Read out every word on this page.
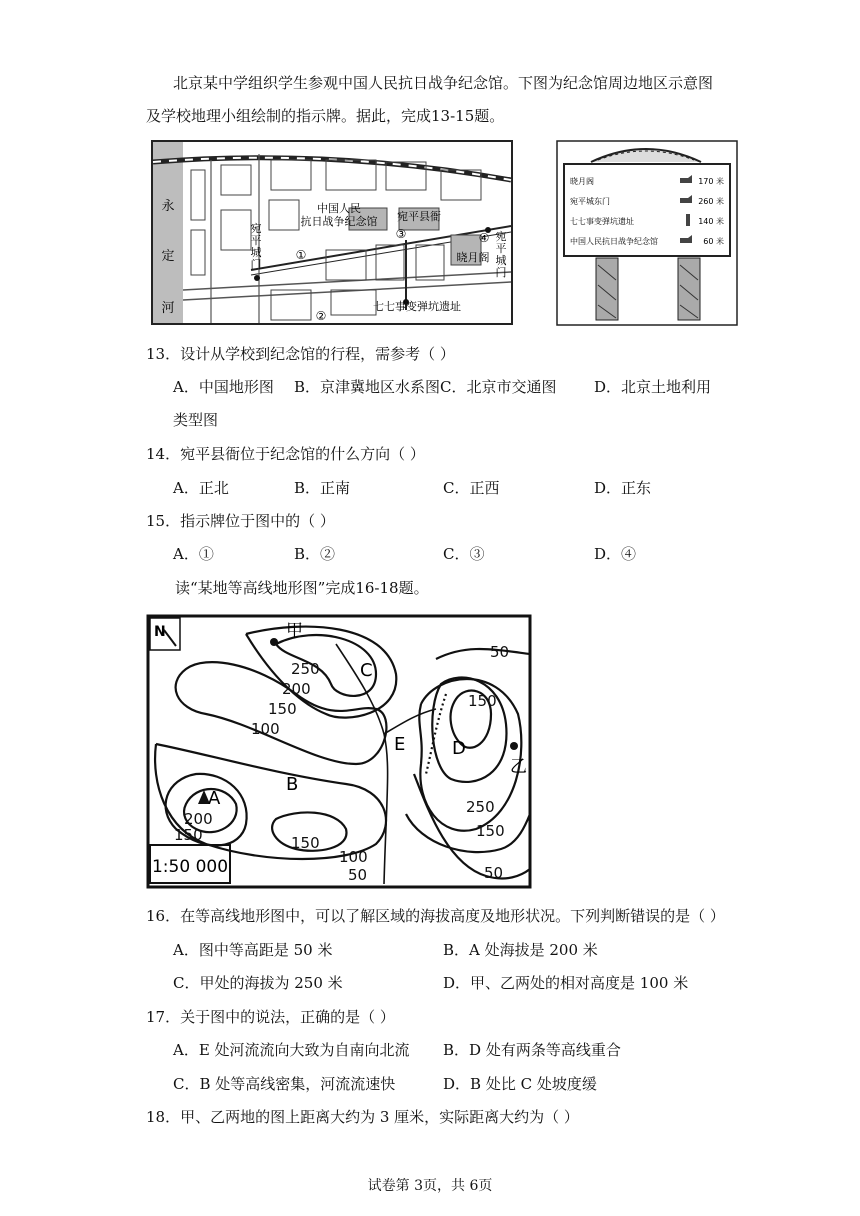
北京某中学组织学生参观中国人民抗日战争纪念馆。下图为纪念馆周边地区示意图
及学校地理小组绘制的指示牌。据此，完成13-15题。
永
定
河
中国人民
抗日战争纪念馆 宛平县衙
宛
平
城
门
宛
平
城
门
晓月阁
七七事变弹坑遗址
①
②
③	④
晓月阁	170 米
宛平城东门	260 米
七七事变弹坑遗址	140 米
中国人民抗日战争纪念馆	60 米
13．设计从学校到纪念馆的行程，需参考（ ）
A．中国地形图 B．京津冀地区水系图 C．北京市交通图	D．北京土地利用
类型图
14．宛平县衙位于纪念馆的什么方向（ ）
A．正北	B．正南	C．正西	D．正东
15．指示牌位于图中的（ ）
A．①	B．②	C．③	D．④
读“某地等高线地形图”完成16-18题。
N
1:50 000
甲
乙
A
B
C
D
E
250
200
150
100
50
150
250
200
150	150
100
50	50
150
16．在等高线地形图中，可以了解区域的海拔高度及地形状况。下列判断错误的是（ ）
A．图中等高距是 50 米	B．A 处海拔是 200 米
C．甲处的海拔为 250 米	D．甲、乙两处的相对高度是 100 米
17．关于图中的说法，正确的是（ ）
A．E 处河流流向大致为自南向北流 B．D 处有两条等高线重合
C．B 处等高线密集，河流流速快	D．B 处比 C 处坡度缓
18．甲、乙两地的图上距离大约为 3 厘米，实际距离大约为（ ）
试卷第 3页，共 6页
